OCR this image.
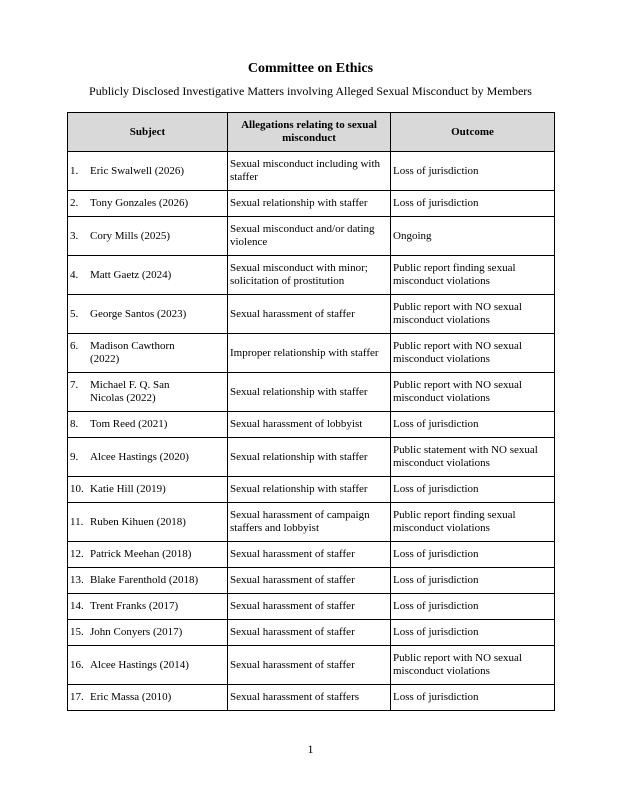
Committee on Ethics
Publicly Disclosed Investigative Matters involving Alleged Sexual Misconduct by Members
Subject	Allegations relating to sexual misconduct	Outcome
1. Eric Swalwell (2026)	Sexual misconduct including with staffer	Loss of jurisdiction
2. Tony Gonzales (2026)	Sexual relationship with staffer	Loss of jurisdiction
3. Cory Mills (2025)	Sexual misconduct and/or dating violence	Ongoing
4. Matt Gaetz (2024)	Sexual misconduct with minor; solicitation of prostitution	Public report finding sexual misconduct violations
5. George Santos (2023)	Sexual harassment of staffer	Public report with NO sexual misconduct violations
6. Madison Cawthorn (2022)	Improper relationship with staffer	Public report with NO sexual misconduct violations
7. Michael F. Q. San Nicolas (2022)	Sexual relationship with staffer	Public report with NO sexual misconduct violations
8. Tom Reed (2021)	Sexual harassment of lobbyist	Loss of jurisdiction
9. Alcee Hastings (2020)	Sexual relationship with staffer	Public statement with NO sexual misconduct violations
10. Katie Hill (2019)	Sexual relationship with staffer	Loss of jurisdiction
11. Ruben Kihuen (2018)	Sexual harassment of campaign staffers and lobbyist	Public report finding sexual misconduct violations
12. Patrick Meehan (2018)	Sexual harassment of staffer	Loss of jurisdiction
13. Blake Farenthold (2018)	Sexual harassment of staffer	Loss of jurisdiction
14. Trent Franks (2017)	Sexual harassment of staffer	Loss of jurisdiction
15. John Conyers (2017)	Sexual harassment of staffer	Loss of jurisdiction
16. Alcee Hastings (2014)	Sexual harassment of staffer	Public report with NO sexual misconduct violations
17. Eric Massa (2010)	Sexual harassment of staffers	Loss of jurisdiction
1
